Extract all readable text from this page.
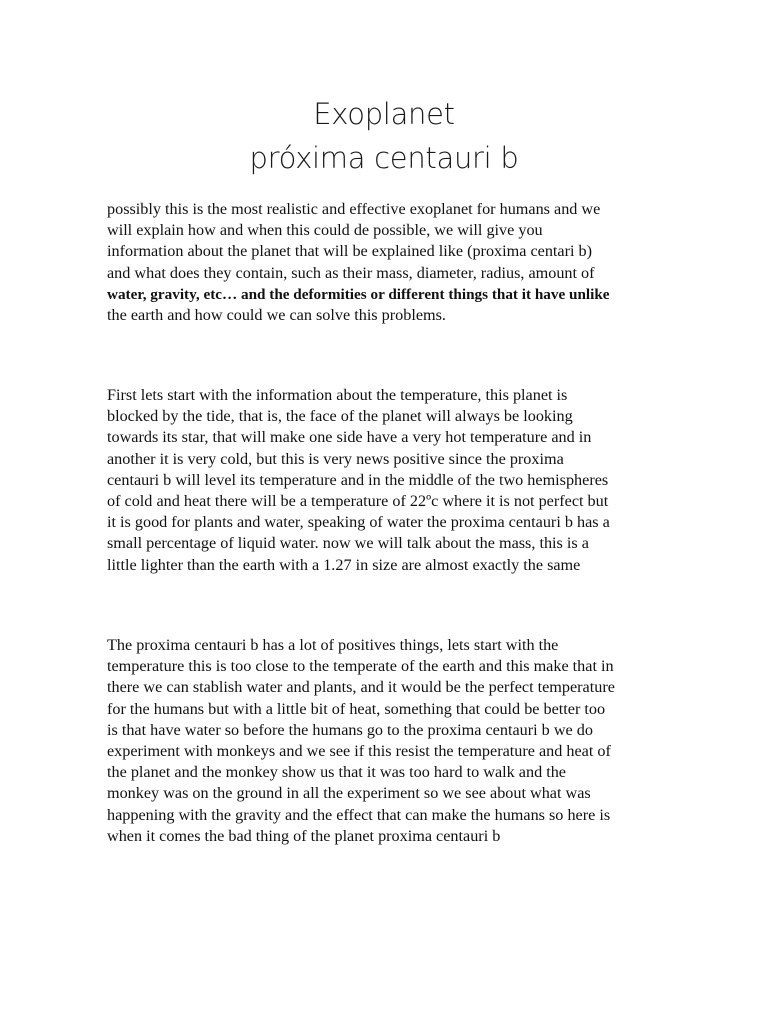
Exoplanet
próxima centauri b
possibly this is the most realistic and effective exoplanet for humans and we
will explain how and when this could de possible, we will give you
information about the planet that will be explained like (proxima centari b)
and what does they contain, such as their mass, diameter, radius, amount of
water, gravity, etc… and the deformities or different things that it have unlike
the earth and how could we can solve this problems.
First lets start with the information about the temperature, this planet is
blocked by the tide, that is, the face of the planet will always be looking
towards its star, that will make one side have a very hot temperature and in
another it is very cold, but this is very news positive since the proxima
centauri b will level its temperature and in the middle of the two hemispheres
of cold and heat there will be a temperature of 22ºc where it is not perfect but
it is good for plants and water, speaking of water the proxima centauri b has a
small percentage of liquid water. now we will talk about the mass, this is a
little lighter than the earth with a 1.27 in size are almost exactly the same
The proxima centauri b has a lot of positives things, lets start with the
temperature this is too close to the temperate of the earth and this make that in
there we can stablish water and plants, and it would be the perfect temperature
for the humans but with a little bit of heat, something that could be better too
is that have water so before the humans go to the proxima centauri b we do
experiment with monkeys and we see if this resist the temperature and heat of
the planet and the monkey show us that it was too hard to walk and the
monkey was on the ground in all the experiment so we see about what was
happening with the gravity and the effect that can make the humans so here is
when it comes the bad thing of the planet proxima centauri b
